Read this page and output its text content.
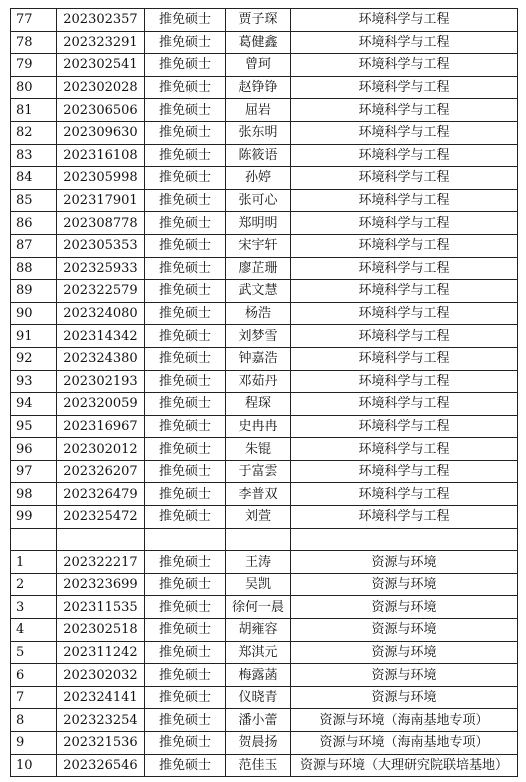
77	202302357	推免硕士	贾子琛	环境科学与工程
78	202323291	推免硕士	葛健鑫	环境科学与工程
79	202302541	推免硕士	曾珂	环境科学与工程
80	202302028	推免硕士	赵铮铮	环境科学与工程
81	202306506	推免硕士	屈岩	环境科学与工程
82	202309630	推免硕士	张东明	环境科学与工程
83	202316108	推免硕士	陈筱语	环境科学与工程
84	202305998	推免硕士	孙婷	环境科学与工程
85	202317901	推免硕士	张可心	环境科学与工程
86	202308778	推免硕士	郑明明	环境科学与工程
87	202305353	推免硕士	宋宇轩	环境科学与工程
88	202325933	推免硕士	廖芷珊	环境科学与工程
89	202322579	推免硕士	武文慧	环境科学与工程
90	202324080	推免硕士	杨浩	环境科学与工程
91	202314342	推免硕士	刘梦雪	环境科学与工程
92	202324380	推免硕士	钟嘉浩	环境科学与工程
93	202302193	推免硕士	邓茹丹	环境科学与工程
94	202320059	推免硕士	程琛	环境科学与工程
95	202316967	推免硕士	史冉冉	环境科学与工程
96	202302012	推免硕士	朱锟	环境科学与工程
97	202326207	推免硕士	于富雲	环境科学与工程
98	202326479	推免硕士	李普双	环境科学与工程
99	202325472	推免硕士	刘萱	环境科学与工程

1	202322217	推免硕士	王涛	资源与环境
2	202323699	推免硕士	吴凯	资源与环境
3	202311535	推免硕士	徐何一晨	资源与环境
4	202302518	推免硕士	胡雍容	资源与环境
5	202311242	推免硕士	郑淇元	资源与环境
6	202302032	推免硕士	梅露菡	资源与环境
7	202324141	推免硕士	仪晓青	资源与环境
8	202323254	推免硕士	潘小蕾	资源与环境（海南基地专项）
9	202321536	推免硕士	贺晨扬	资源与环境（海南基地专项）
10	202326546	推免硕士	范佳玉	资源与环境（大理研究院联培基地）
